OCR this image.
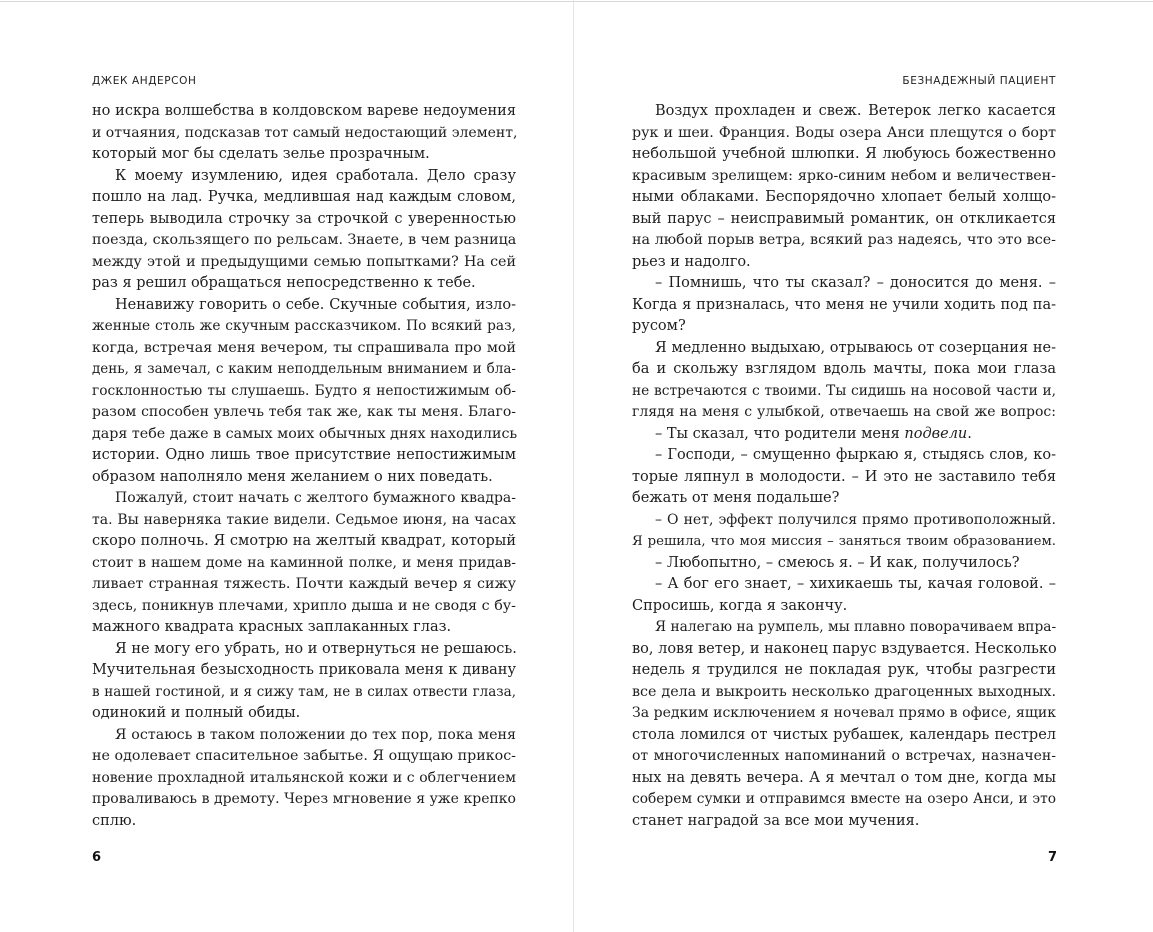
ДЖЕК АНДЕРСОН
но искра волшебства в колдовском вареве недоумения
и отчаяния, подсказав тот самый недостающий элемент,
который мог бы сделать зелье прозрачным.
К моему изумлению, идея сработала. Дело сразу
пошло на лад. Ручка, медлившая над каждым словом,
теперь выводила строчку за строчкой с уверенностью
поезда, скользящего по рельсам. Знаете, в чем разница
между этой и предыдущими семью попытками? На сей
раз я решил обращаться непосредственно к тебе.
Ненавижу говорить о себе. Скучные события, изло-
женные столь же скучным рассказчиком. По всякий раз,
когда, встречая меня вечером, ты спрашивала про мой
день, я замечал, с каким неподдельным вниманием и бла-
госклонностью ты слушаешь. Будто я непостижимым об-
разом способен увлечь тебя так же, как ты меня. Благо-
даря тебе даже в самых моих обычных днях находились
истории. Одно лишь твое присутствие непостижимым
образом наполняло меня желанием о них поведать.
Пожалуй, стоит начать с желтого бумажного квадра-
та. Вы наверняка такие видели. Седьмое июня, на часах
скоро полночь. Я смотрю на желтый квадрат, который
стоит в нашем доме на каминной полке, и меня придав-
ливает странная тяжесть. Почти каждый вечер я сижу
здесь, поникнув плечами, хрипло дыша и не сводя с бу-
мажного квадрата красных заплаканных глаз.
Я не могу его убрать, но и отвернуться не решаюсь.
Мучительная безысходность приковала меня к дивану
в нашей гостиной, и я сижу там, не в силах отвести глаза,
одинокий и полный обиды.
Я остаюсь в таком положении до тех пор, пока меня
не одолевает спасительное забытье. Я ощущаю прикос-
новение прохладной итальянской кожи и с облегчением
проваливаюсь в дремоту. Через мгновение я уже крепко
сплю.
6
БЕЗНАДЕЖНЫЙ ПАЦИЕНТ
Воздух прохладен и свеж. Ветерок легко касается
рук и шеи. Франция. Воды озера Анси плещутся о борт
небольшой учебной шлюпки. Я любуюсь божественно
красивым зрелищем: ярко-синим небом и величествен-
ными облаками. Беспорядочно хлопает белый холщо-
вый парус – неисправимый романтик, он откликается
на любой порыв ветра, всякий раз надеясь, что это все-
рьез и надолго.
– Помнишь, что ты сказал? – доносится до меня. –
Когда я призналась, что меня не учили ходить под па-
русом?
Я медленно выдыхаю, отрываюсь от созерцания не-
ба и скольжу взглядом вдоль мачты, пока мои глаза
не встречаются с твоими. Ты сидишь на носовой части и,
глядя на меня с улыбкой, отвечаешь на свой же вопрос:
– Ты сказал, что родители меня подвели.
– Господи, – смущенно фыркаю я, стыдясь слов, ко-
торые ляпнул в молодости. – И это не заставило тебя
бежать от меня подальше?
– О нет, эффект получился прямо противоположный.
Я решила, что моя миссия – заняться твоим образованием.
– Любопытно, – смеюсь я. – И как, получилось?
– А бог его знает, – хихикаешь ты, качая головой. –
Спросишь, когда я закончу.
Я налегаю на румпель, мы плавно поворачиваем впра-
во, ловя ветер, и наконец парус вздувается. Несколько
недель я трудился не покладая рук, чтобы разгрести
все дела и выкроить несколько драгоценных выходных.
За редким исключением я ночевал прямо в офисе, ящик
стола ломился от чистых рубашек, календарь пестрел
от многочисленных напоминаний о встречах, назначен-
ных на девять вечера. А я мечтал о том дне, когда мы
соберем сумки и отправимся вместе на озеро Анси, и это
станет наградой за все мои мучения.
7
